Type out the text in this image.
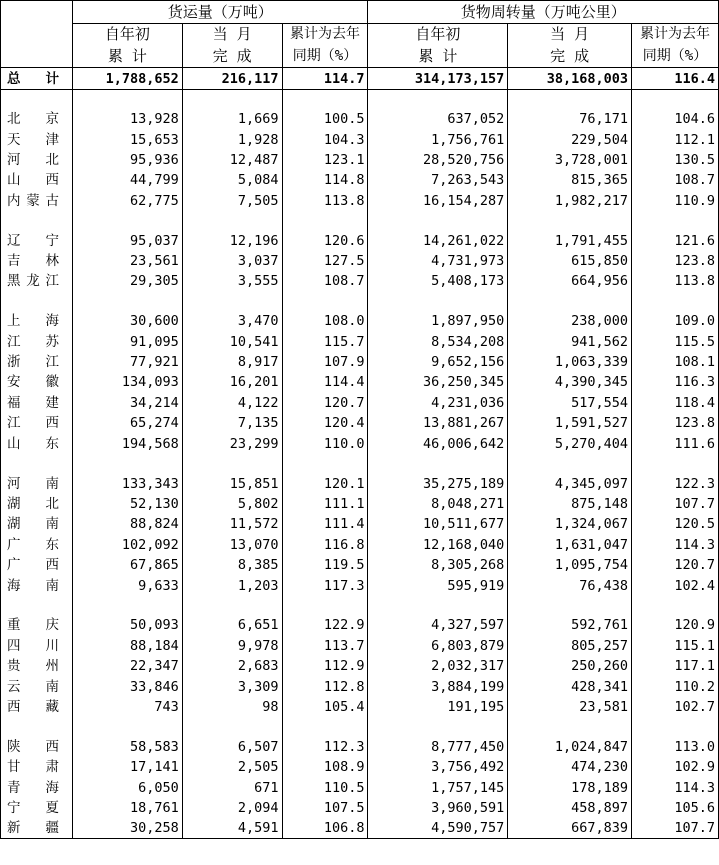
	货运量（万吨）			货物周转量（万吨公里）		
	自年初	当 月	累计为去年	自年初	当 月	累计为去年
	累 计	完 成	同期（%）	累 计	完 成	同期（%）
总 计	1,788,652	216,117	114.7	314,173,157	38,168,003	116.4

北 京	13,928	1,669	100.5	637,052	76,171	104.6
天 津	15,653	1,928	104.3	1,756,761	229,504	112.1
河 北	95,936	12,487	123.1	28,520,756	3,728,001	130.5
山 西	44,799	5,084	114.8	7,263,543	815,365	108.7
内蒙古	62,775	7,505	113.8	16,154,287	1,982,217	110.9

辽 宁	95,037	12,196	120.6	14,261,022	1,791,455	121.6
吉 林	23,561	3,037	127.5	4,731,973	615,850	123.8
黑龙江	29,305	3,555	108.7	5,408,173	664,956	113.8

上 海	30,600	3,470	108.0	1,897,950	238,000	109.0
江 苏	91,095	10,541	115.7	8,534,208	941,562	115.5
浙 江	77,921	8,917	107.9	9,652,156	1,063,339	108.1
安 徽	134,093	16,201	114.4	36,250,345	4,390,345	116.3
福 建	34,214	4,122	120.7	4,231,036	517,554	118.4
江 西	65,274	7,135	120.4	13,881,267	1,591,527	123.8
山 东	194,568	23,299	110.0	46,006,642	5,270,404	111.6

河 南	133,343	15,851	120.1	35,275,189	4,345,097	122.3
湖 北	52,130	5,802	111.1	8,048,271	875,148	107.7
湖 南	88,824	11,572	111.4	10,511,677	1,324,067	120.5
广 东	102,092	13,070	116.8	12,168,040	1,631,047	114.3
广 西	67,865	8,385	119.5	8,305,268	1,095,754	120.7
海 南	9,633	1,203	117.3	595,919	76,438	102.4

重 庆	50,093	6,651	122.9	4,327,597	592,761	120.9
四 川	88,184	9,978	113.7	6,803,879	805,257	115.1
贵 州	22,347	2,683	112.9	2,032,317	250,260	117.1
云 南	33,846	3,309	112.8	3,884,199	428,341	110.2
西 藏	743	98	105.4	191,195	23,581	102.7

陕 西	58,583	6,507	112.3	8,777,450	1,024,847	113.0
甘 肃	17,141	2,505	108.9	3,756,492	474,230	102.9
青 海	6,050	671	110.5	1,757,145	178,189	114.3
宁 夏	18,761	2,094	107.5	3,960,591	458,897	105.6
新 疆	30,258	4,591	106.8	4,590,757	667,839	107.7
